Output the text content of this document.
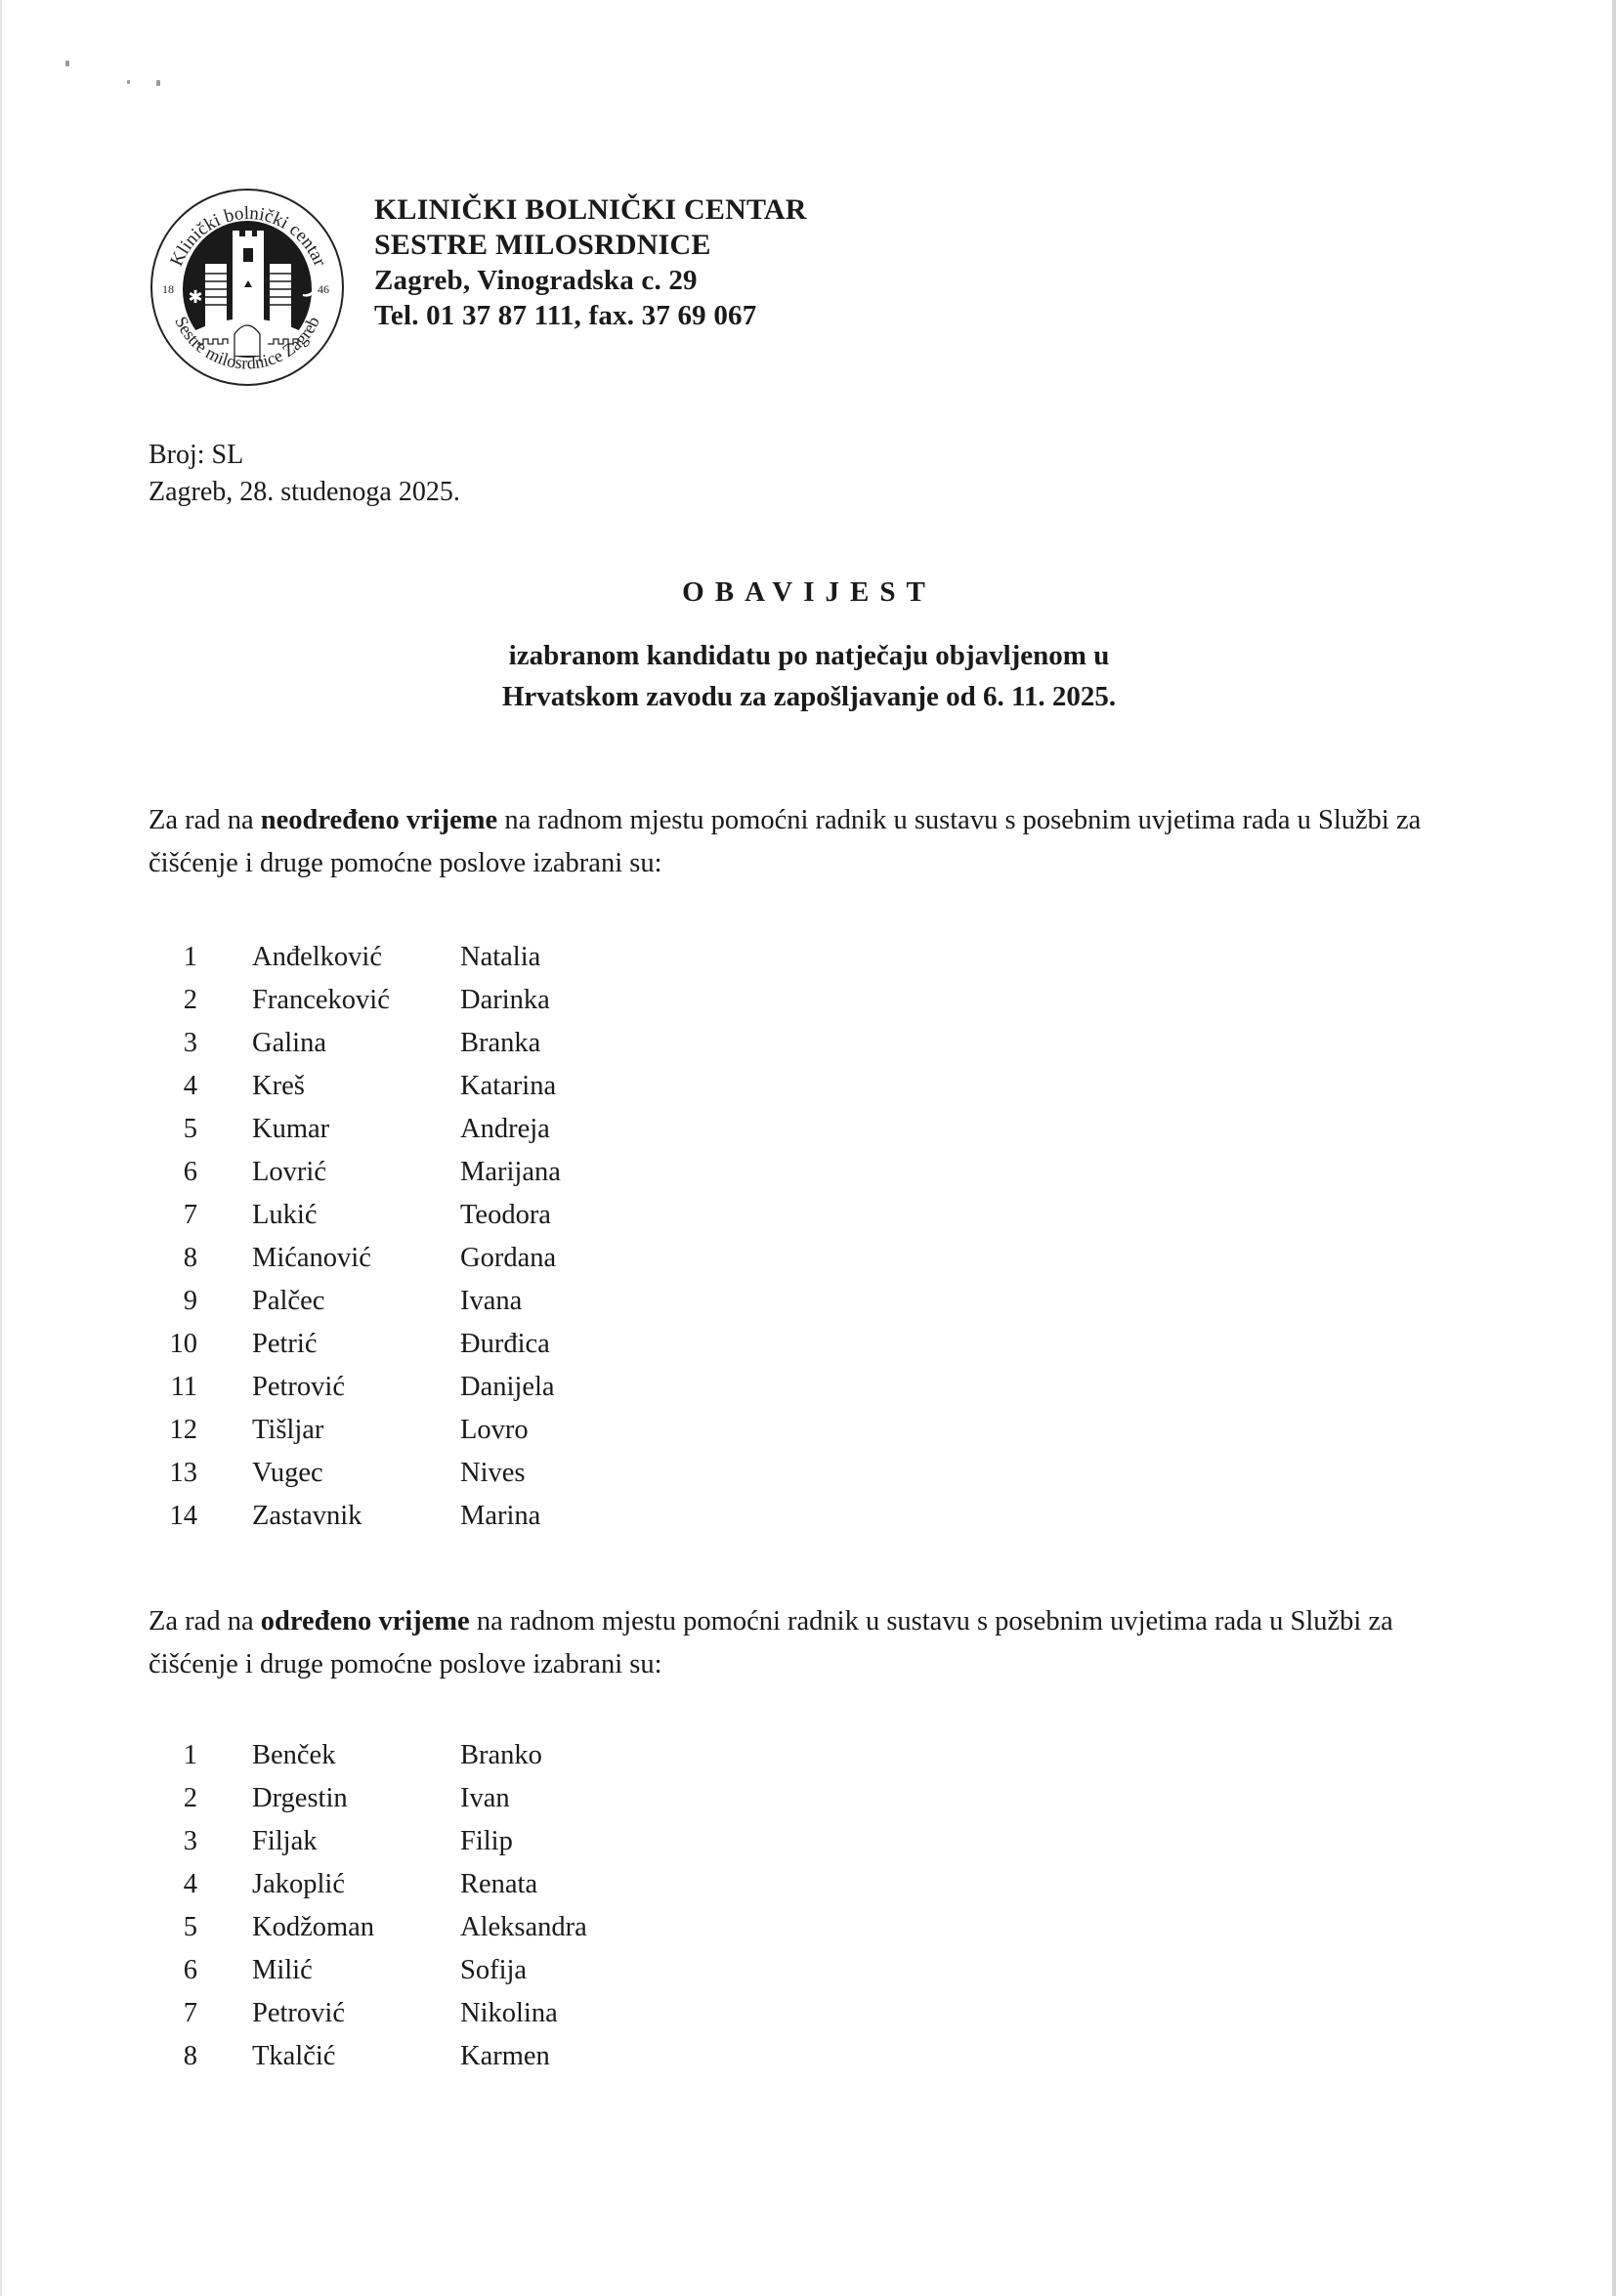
✱
Klinički bolnički centar
Sestre milosrdnice Zagreb
18	46
KLINIČKI BOLNIČKI CENTAR
SESTRE MILOSRDNICE
Zagreb, Vinogradska c. 29
Tel. 01 37 87 111, fax. 37 69 067
Broj: SL
Zagreb, 28. studenoga 2025.
OBAVIJEST
izabranom kandidatu po natječaju objavljenom u
Hrvatskom zavodu za zapošljavanje od 6. 11. 2025.
Za rad na neodređeno vrijeme na radnom mjestu pomoćni radnik u sustavu s posebnim uvjetima rada u Službi za čišćenje i druge pomoćne poslove izabrani su:
1 Anđelković	Natalia
2 Franceković	Darinka
3 Galina	Branka
4 Kreš	Katarina
5 Kumar	Andreja
6 Lovrić	Marijana
7 Lukić	Teodora
8 Mićanović	Gordana
9 Palčec	Ivana
10 Petrić	Đurđica
11 Petrović	Danijela
12 Tišljar	Lovro
13 Vugec	Nives
14 Zastavnik	Marina
Za rad na određeno vrijeme na radnom mjestu pomoćni radnik u sustavu s posebnim uvjetima rada u Službi za čišćenje i druge pomoćne poslove izabrani su:
1 Benček	Branko
2 Drgestin	Ivan
3 Filjak	Filip
4 Jakoplić	Renata
5 Kodžoman	Aleksandra
6 Milić	Sofija
7 Petrović	Nikolina
8 Tkalčić	Karmen
